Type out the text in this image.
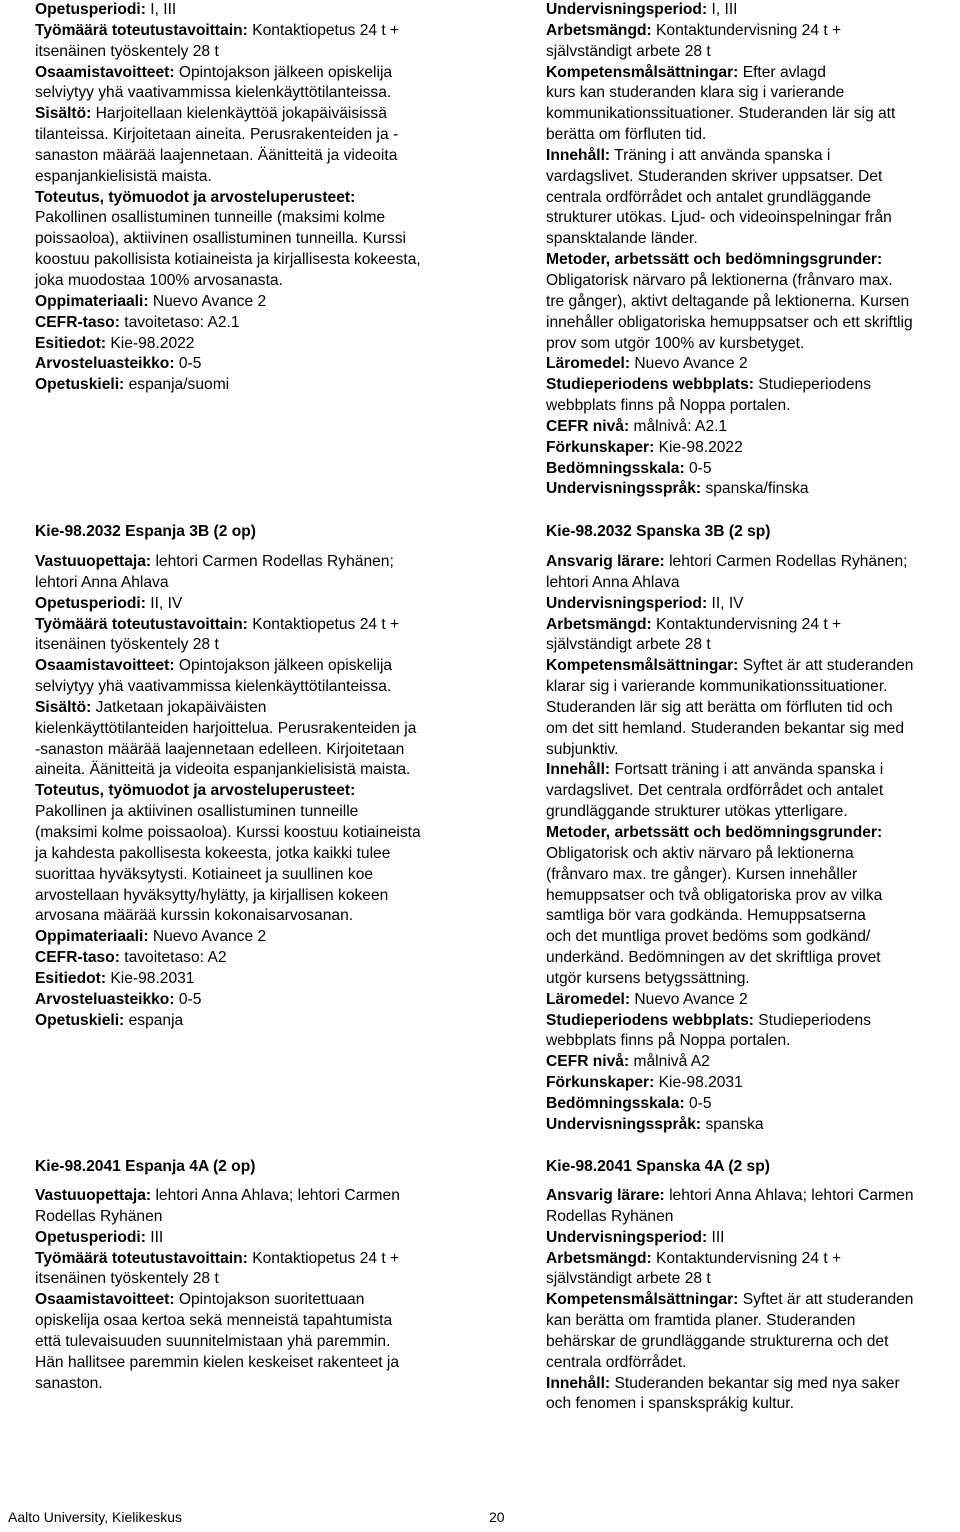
Opetusperiodi: I, III
Työmäärä toteutustavoittain: Kontaktiopetus 24 t +
itsenäinen työskentely 28 t
Osaamistavoitteet: Opintojakson jälkeen opiskelija
selviytyy yhä vaativammissa kielenkäyttötilanteissa.
Sisältö: Harjoitellaan kielenkäyttöä jokapäiväisissä
tilanteissa. Kirjoitetaan aineita. Perusrakenteiden ja -
sanaston määrää laajennetaan. Äänitteitä ja videoita
espanjankielisistä maista.
Toteutus, työmuodot ja arvosteluperusteet:
Pakollinen osallistuminen tunneille (maksimi kolme
poissaoloa), aktiivinen osallistuminen tunneilla. Kurssi
koostuu pakollisista kotiaineista ja kirjallisesta kokeesta,
joka muodostaa 100% arvosanasta.
Oppimateriaali: Nuevo Avance 2
CEFR-taso: tavoitetaso: A2.1
Esitiedot: Kie-98.2022
Arvosteluasteikko: 0-5
Opetuskieli: espanja/suomi
Kie-98.2032 Espanja 3B (2 op)
Vastuuopettaja: lehtori Carmen Rodellas Ryhänen;
lehtori Anna Ahlava
Opetusperiodi: II, IV
Työmäärä toteutustavoittain: Kontaktiopetus 24 t +
itsenäinen työskentely 28 t
Osaamistavoitteet: Opintojakson jälkeen opiskelija
selviytyy yhä vaativammissa kielenkäyttötilanteissa.
Sisältö: Jatketaan jokapäiväisten
kielenkäyttötilanteiden harjoittelua. Perusrakenteiden ja
-sanaston määrää laajennetaan edelleen. Kirjoitetaan
aineita. Äänitteitä ja videoita espanjankielisistä maista.
Toteutus, työmuodot ja arvosteluperusteet:
Pakollinen ja aktiivinen osallistuminen tunneille
(maksimi kolme poissaoloa). Kurssi koostuu kotiaineista
ja kahdesta pakollisesta kokeesta, jotka kaikki tulee
suorittaa hyväksytysti. Kotiaineet ja suullinen koe
arvostellaan hyväksytty/hylätty, ja kirjallisen kokeen
arvosana määrää kurssin kokonaisarvosanan.
Oppimateriaali: Nuevo Avance 2
CEFR-taso: tavoitetaso: A2
Esitiedot: Kie-98.2031
Arvosteluasteikko: 0-5
Opetuskieli: espanja
Kie-98.2041 Espanja 4A (2 op)
Vastuuopettaja: lehtori Anna Ahlava; lehtori Carmen
Rodellas Ryhänen
Opetusperiodi: III
Työmäärä toteutustavoittain: Kontaktiopetus 24 t +
itsenäinen työskentely 28 t
Osaamistavoitteet: Opintojakson suoritettuaan
opiskelija osaa kertoa sekä menneistä tapahtumista
että tulevaisuuden suunnitelmistaan yhä paremmin.
Hän hallitsee paremmin kielen keskeiset rakenteet ja
sanaston.
Undervisningsperiod: I, III
Arbetsmängd: Kontaktundervisning 24 t +
självständigt arbete 28 t
Kompetensmålsättningar: Efter avlagd
kurs kan studeranden klara sig i varierande
kommunikationssituationer. Studeranden lär sig att
berätta om förfluten tid.
Innehåll: Träning i att använda spanska i
vardagslivet. Studeranden skriver uppsatser. Det
centrala ordförrådet och antalet grundläggande
strukturer utökas. Ljud- och videoinspelningar från
spansktalande länder.
Metoder, arbetssätt och bedömningsgrunder:
Obligatorisk närvaro på lektionerna (frånvaro max.
tre gånger), aktivt deltagande på lektionerna. Kursen
innehåller obligatoriska hemuppsatser och ett skriftlig
prov som utgör 100% av kursbetyget.
Läromedel: Nuevo Avance 2
Studieperiodens webbplats: Studieperiodens
webbplats finns på Noppa portalen.
CEFR nivå: målnivå: A2.1
Förkunskaper: Kie-98.2022
Bedömningsskala: 0-5
Undervisningsspråk: spanska/finska
Kie-98.2032 Spanska 3B (2 sp)
Ansvarig lärare: lehtori Carmen Rodellas Ryhänen;
lehtori Anna Ahlava
Undervisningsperiod: II, IV
Arbetsmängd: Kontaktundervisning 24 t +
självständigt arbete 28 t
Kompetensmålsättningar: Syftet är att studeranden
klarar sig i varierande kommunikationssituationer.
Studeranden lär sig att berätta om förfluten tid och
om det sitt hemland. Studeranden bekantar sig med
subjunktiv.
Innehåll: Fortsatt träning i att använda spanska i
vardagslivet. Det centrala ordförrådet och antalet
grundläggande strukturer utökas ytterligare.
Metoder, arbetssätt och bedömningsgrunder:
Obligatorisk och aktiv närvaro på lektionerna
(frånvaro max. tre gånger). Kursen innehåller
hemuppsatser och två obligatoriska prov av vilka
samtliga bör vara godkända. Hemuppsatserna
och det muntliga provet bedöms som godkänd/
underkänd. Bedömningen av det skriftliga provet
utgör kursens betygssättning.
Läromedel: Nuevo Avance 2
Studieperiodens webbplats: Studieperiodens
webbplats finns på Noppa portalen.
CEFR nivå: målnivå A2
Förkunskaper: Kie-98.2031
Bedömningsskala: 0-5
Undervisningsspråk: spanska
Kie-98.2041 Spanska 4A (2 sp)
Ansvarig lärare: lehtori Anna Ahlava; lehtori Carmen
Rodellas Ryhänen
Undervisningsperiod: III
Arbetsmängd: Kontaktundervisning 24 t +
självständigt arbete 28 t
Kompetensmålsättningar: Syftet är att studeranden
kan berätta om framtida planer. Studeranden
behärskar de grundläggande strukturerna och det
centrala ordförrådet.
Innehåll: Studeranden bekantar sig med nya saker
och fenomen i spansksprákig kultur.
Aalto University, Kielikeskus	20
